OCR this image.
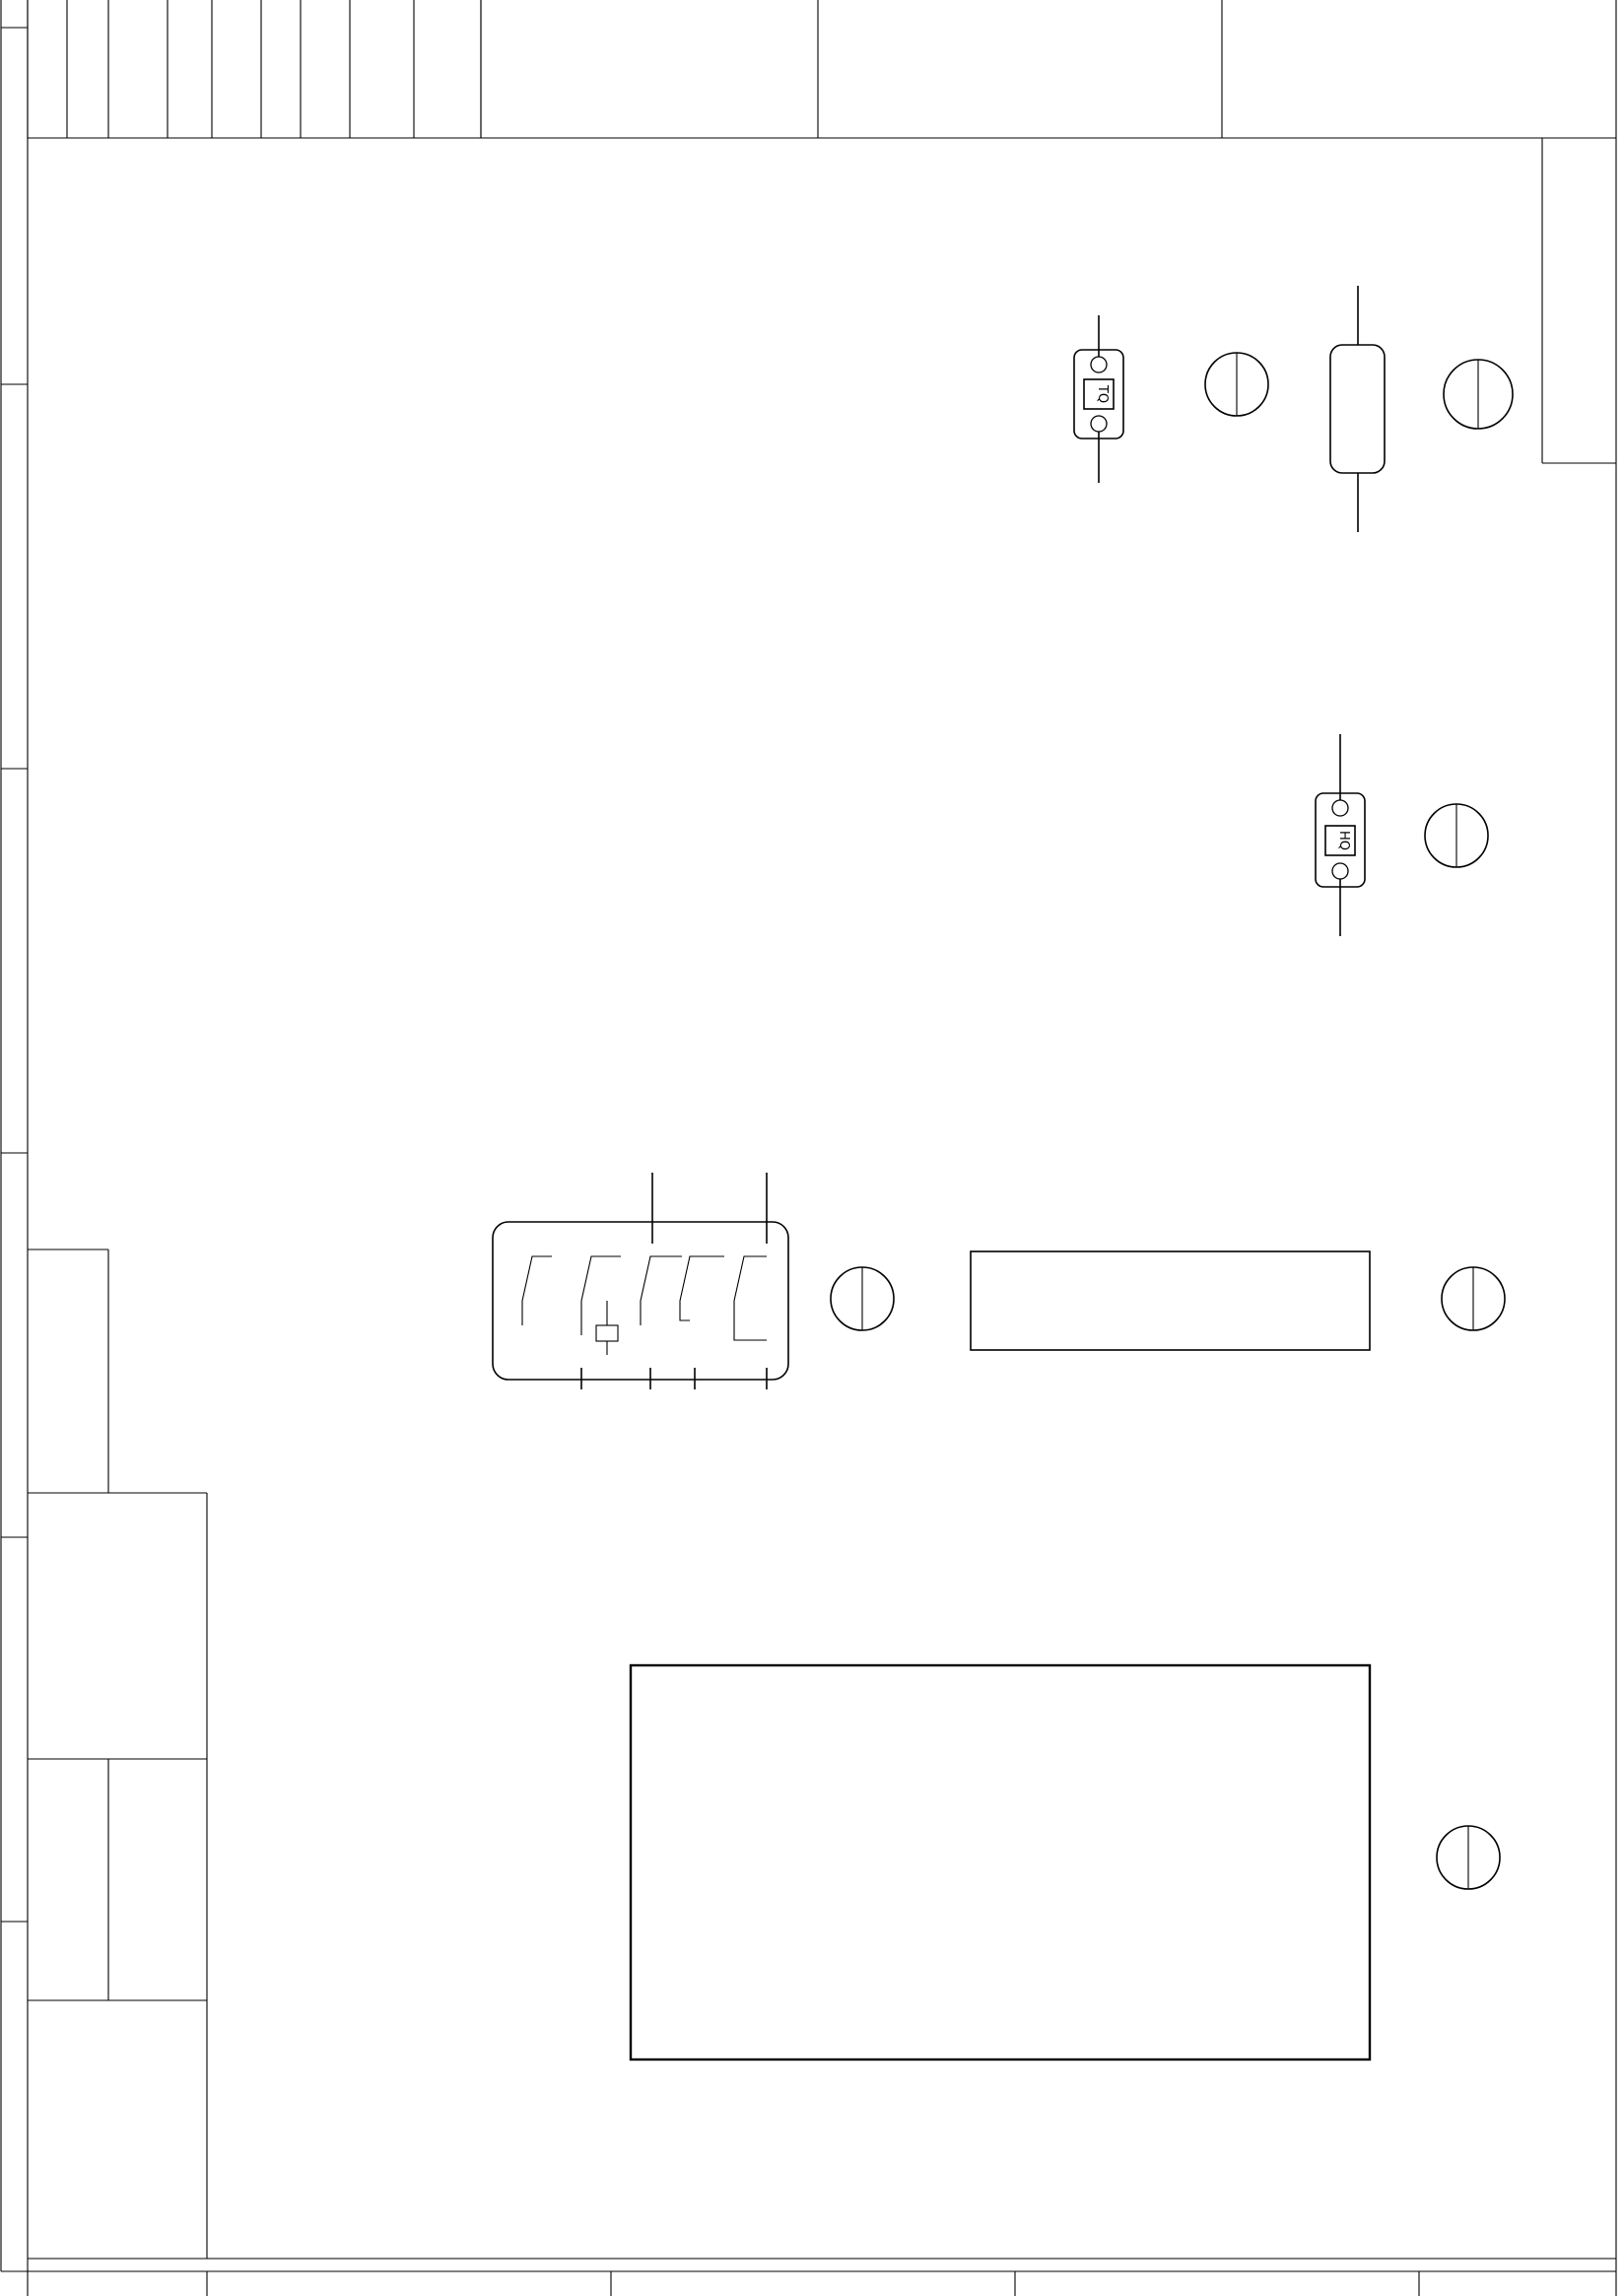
TQ
HQ
